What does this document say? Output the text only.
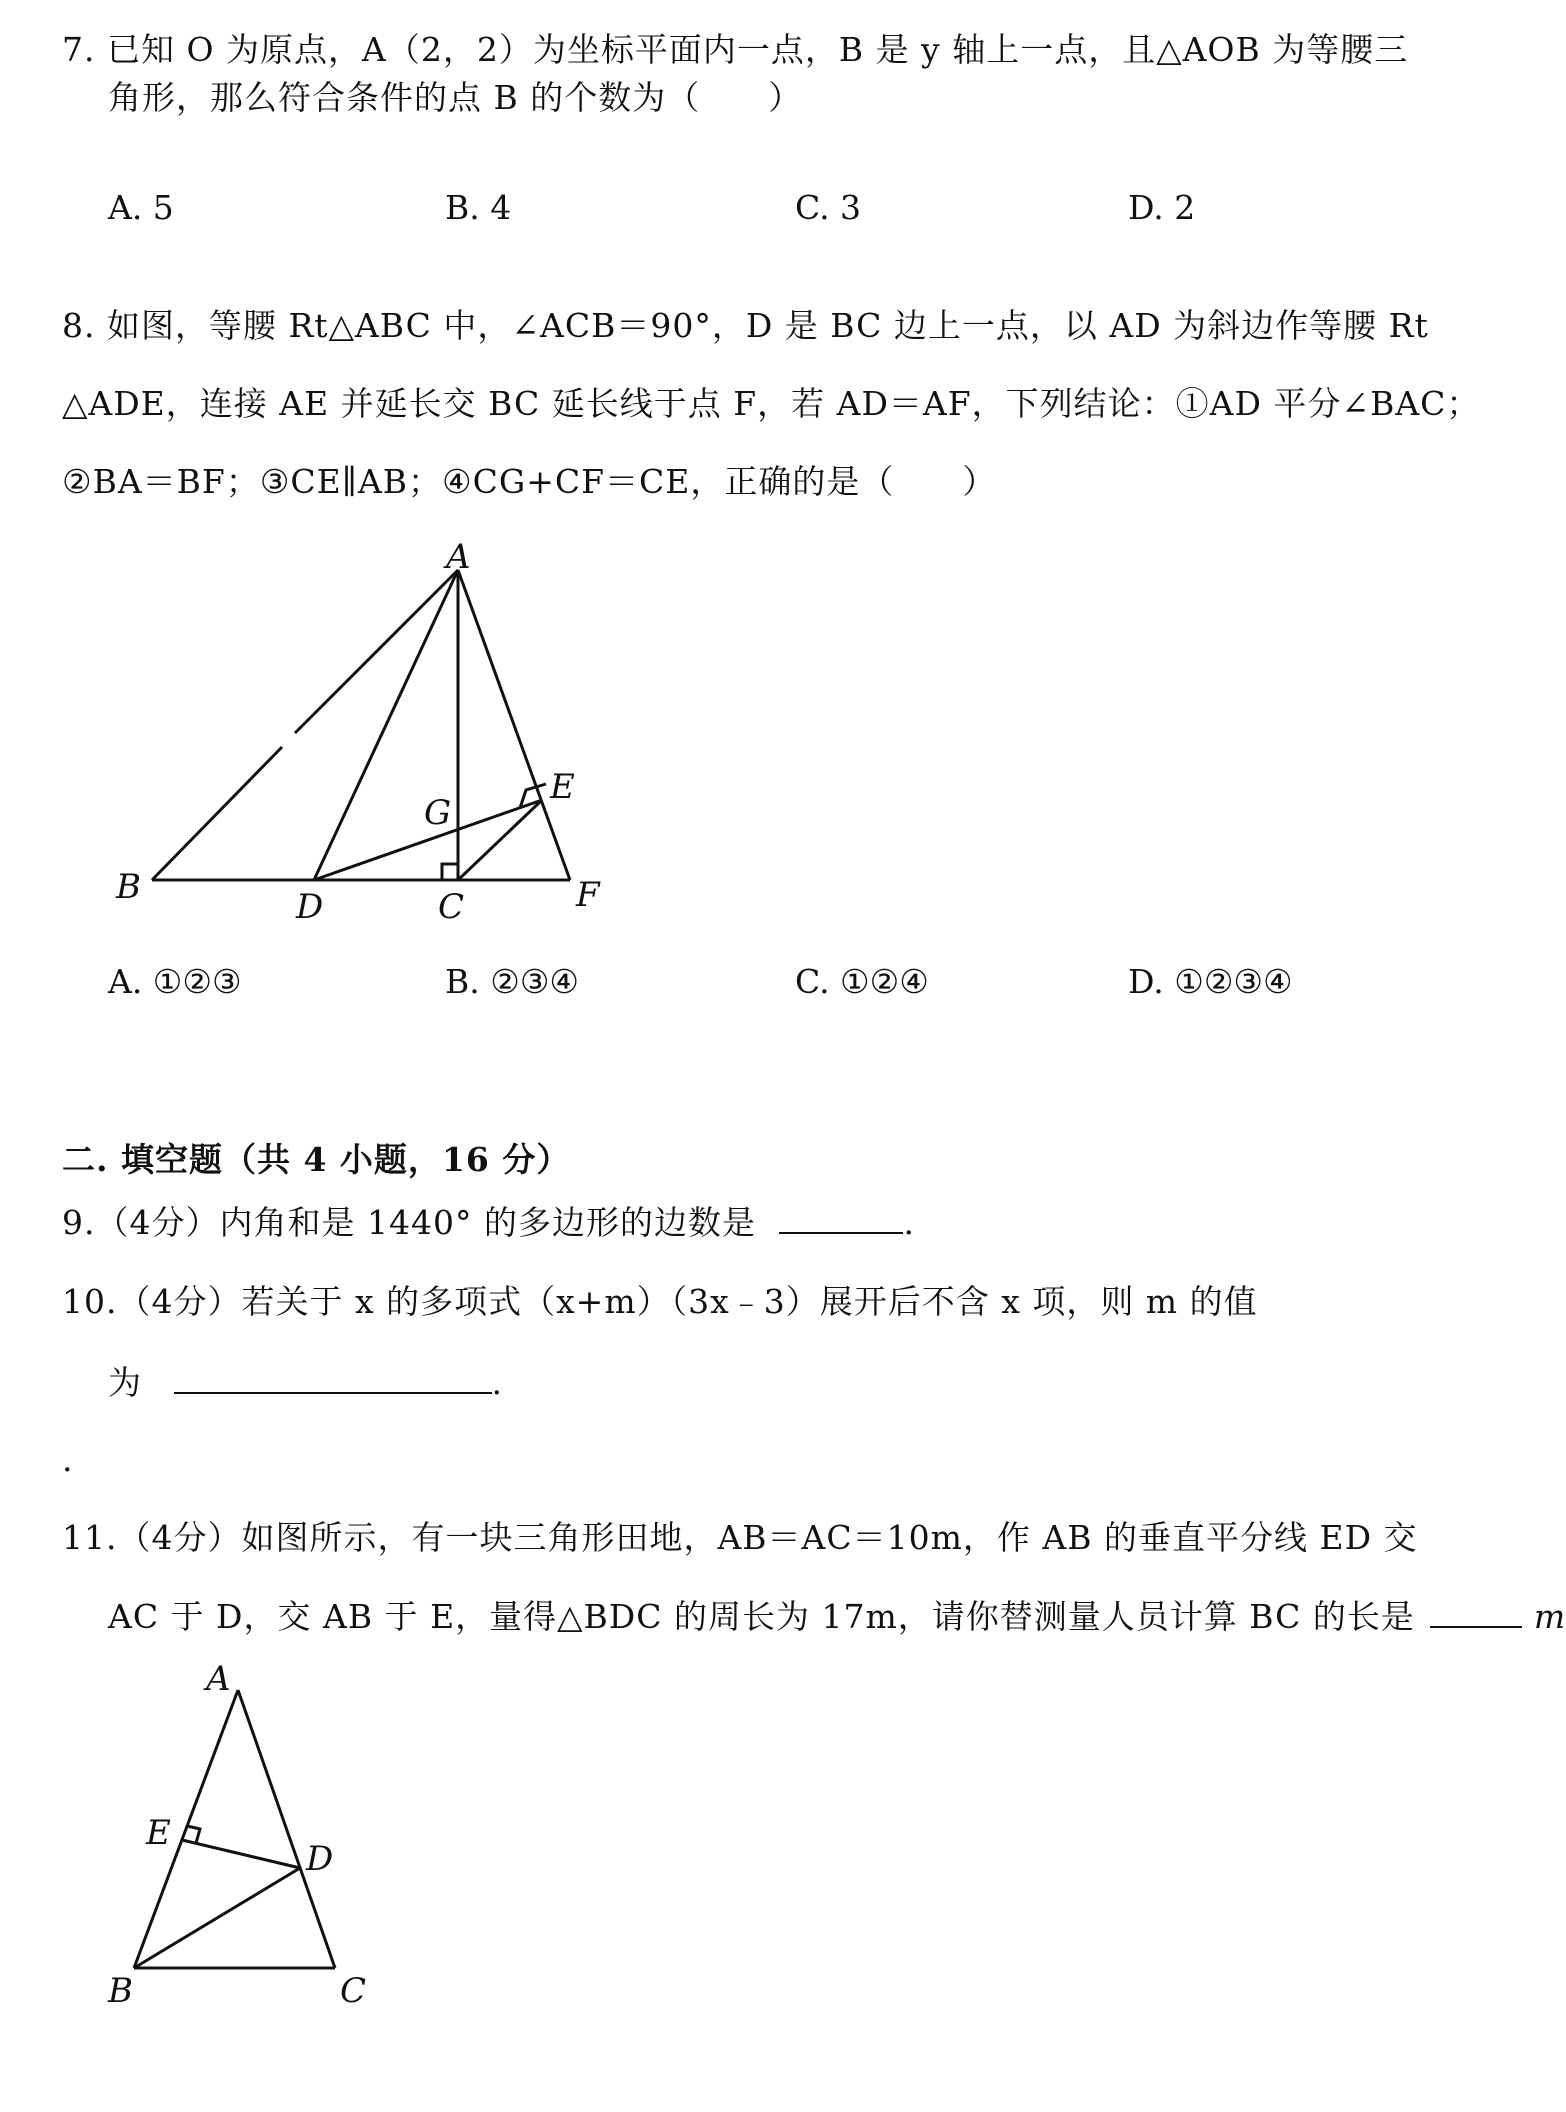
7. 已知 O 为原点，A（2，2）为坐标平面内一点，B 是 y 轴上一点，且△AOB 为等腰三
角形，那么符合条件的点 B 的个数为（　　）
A. 5	B. 4	C. 3	D. 2
8. 如图，等腰 Rt△ABC 中，∠ACB＝90°，D 是 BC 边上一点，以 AD 为斜边作等腰 Rt
△ADE，连接 AE 并延长交 BC 延长线于点 F，若 AD＝AF，下列结论：①AD 平分∠BAC；
②BA＝BF；③CE∥AB；④CG+CF＝CE，正确的是（　　）
A
B	D	C	F
E
G
A. ①②③	B. ②③④	C. ①②④	D. ①②③④
二. 填空题（共 4 小题，16 分）
9.（4分）内角和是 1440° 的多边形的边数是	.
10.（4分）若关于 x 的多项式（x+m）（3x﹣3）展开后不含 x 项，则 m 的值
为	.
.
11.（4分）如图所示，有一块三角形田地，AB＝AC＝10m，作 AB 的垂直平分线 ED 交
AC 于 D，交 AB 于 E，量得△BDC 的周长为 17m，请你替测量人员计算 BC 的长是	m
A
E
D
B	C
